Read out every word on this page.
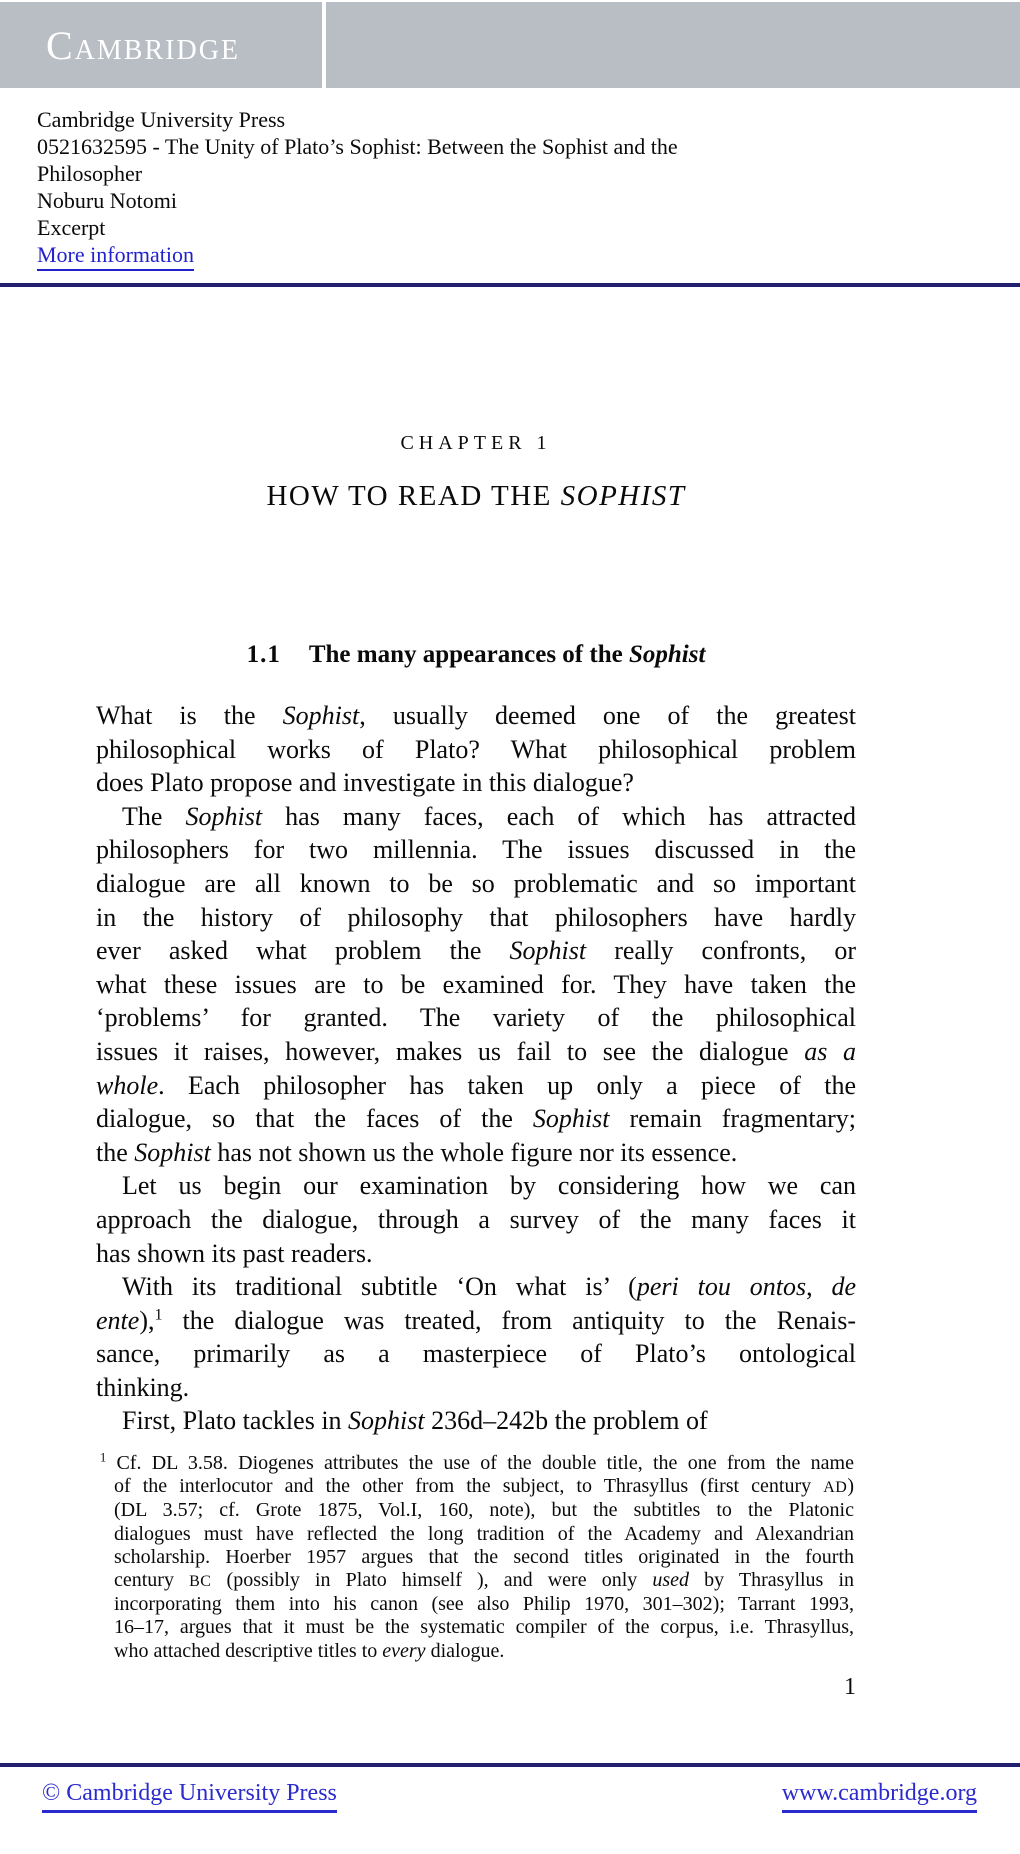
Cambridge
Cambridge University Press
0521632595 - The Unity of Plato’s Sophist: Between the Sophist and the Philosopher
Noburu Notomi
Excerpt
More information
CHAPTER 1
HOW TO READ THE SOPHIST
1.1 The many appearances of the Sophist
What is the Sophist, usually deemed one of the greatest
philosophical works of Plato? What philosophical problem
does Plato propose and investigate in this dialogue?
The Sophist has many faces, each of which has attracted
philosophers for two millennia. The issues discussed in the
dialogue are all known to be so problematic and so important
in the history of philosophy that philosophers have hardly
ever asked what problem the Sophist really confronts, or
what these issues are to be examined for. They have taken the
‘problems’ for granted. The variety of the philosophical
issues it raises, however, makes us fail to see the dialogue as a
whole. Each philosopher has taken up only a piece of the
dialogue, so that the faces of the Sophist remain fragmentary;
the Sophist has not shown us the whole figure nor its essence.
Let us begin our examination by considering how we can
approach the dialogue, through a survey of the many faces it
has shown its past readers.
With its traditional subtitle ‘On what is’ (peri tou ontos, de
ente),$^1$ the dialogue was treated, from antiquity to the Renais-
sance, primarily as a masterpiece of Plato’s ontological
thinking.
First, Plato tackles in Sophist 236d–242b the problem of
$^1$ Cf. DL 3.58. Diogenes attributes the use of the double title, the one from the name
of the interlocutor and the other from the subject, to Thrasyllus (first century AD)
(DL 3.57; cf. Grote 1875, Vol.I, 160, note), but the subtitles to the Platonic
dialogues must have reflected the long tradition of the Academy and Alexandrian
scholarship. Hoerber 1957 argues that the second titles originated in the fourth
century BC (possibly in Plato himself ), and were only used by Thrasyllus in
incorporating them into his canon (see also Philip 1970, 301–302); Tarrant 1993,
16–17, argues that it must be the systematic compiler of the corpus, i.e. Thrasyllus,
who attached descriptive titles to every dialogue.
1
© Cambridge University Press	www.cambridge.org
